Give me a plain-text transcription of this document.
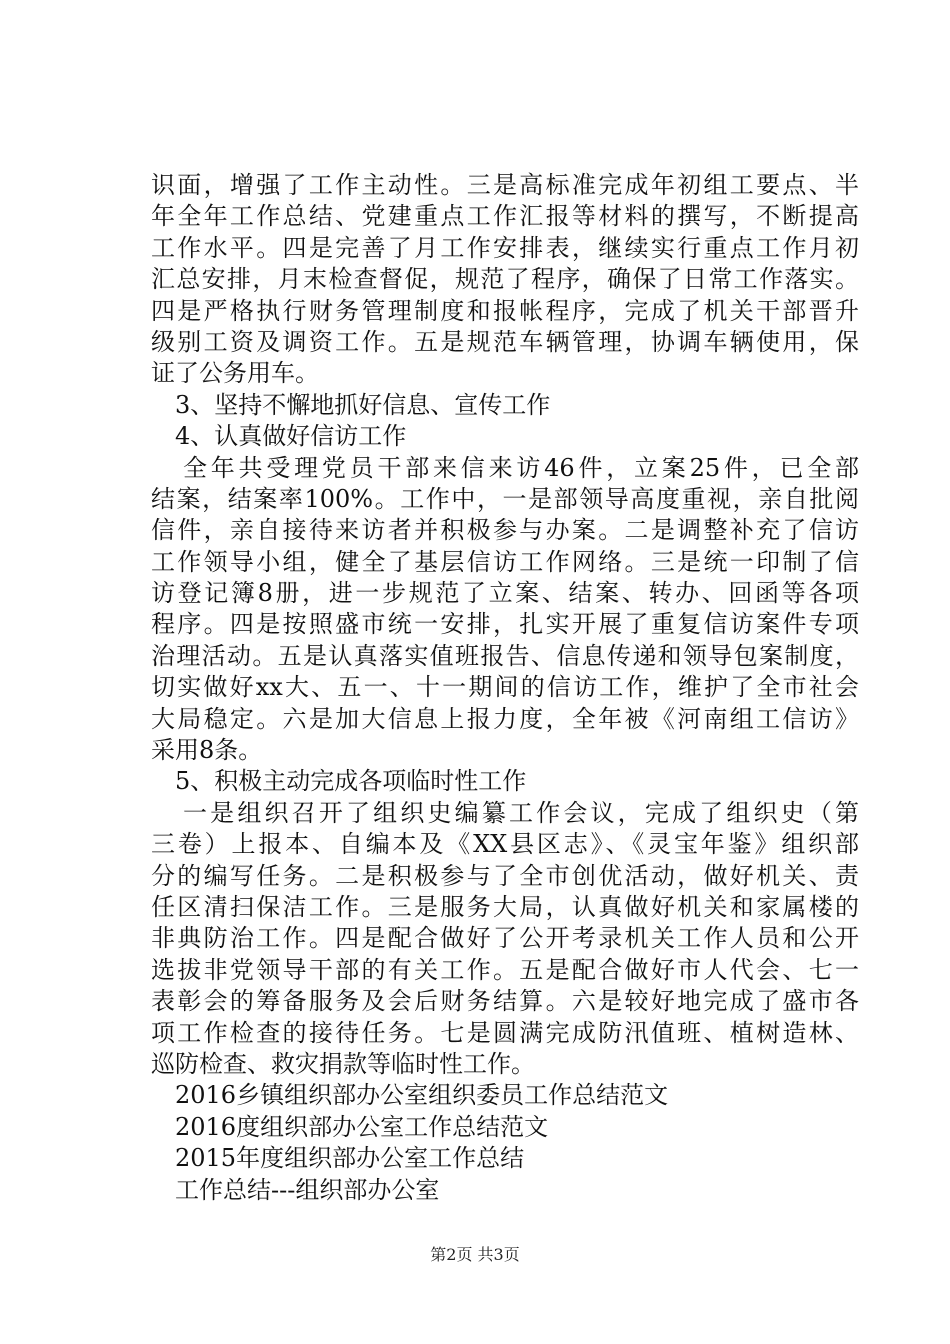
识面，增强了工作主动性。三是高标准完成年初组工要点、半
年全年工作总结、党建重点工作汇报等材料的撰写，不断提高
工作水平。四是完善了月工作安排表，继续实行重点工作月初
汇总安排，月末检查督促，规范了程序，确保了日常工作落实。
四是严格执行财务管理制度和报帐程序，完成了机关干部晋升
级别工资及调资工作。五是规范车辆管理，协调车辆使用，保
证了公务用车。
3、坚持不懈地抓好信息、宣传工作
4、认真做好信访工作
全年共受理党员干部来信来访46件，立案25件，已全部
结案，结案率100%。工作中，一是部领导高度重视，亲自批阅
信件，亲自接待来访者并积极参与办案。二是调整补充了信访
工作领导小组，健全了基层信访工作网络。三是统一印制了信
访登记簿8册，进一步规范了立案、结案、转办、回函等各项
程序。四是按照盛市统一安排，扎实开展了重复信访案件专项
治理活动。五是认真落实值班报告、信息传递和领导包案制度，
切实做好xx大、五一、十一期间的信访工作，维护了全市社会
大局稳定。六是加大信息上报力度，全年被《河南组工信访》
采用8条。
5、积极主动完成各项临时性工作
一是组织召开了组织史编纂工作会议，完成了组织史（第
三卷）上报本、自编本及《XX县区志》、《灵宝年鉴》组织部
分的编写任务。二是积极参与了全市创优活动，做好机关、责
任区清扫保洁工作。三是服务大局，认真做好机关和家属楼的
非典防治工作。四是配合做好了公开考录机关工作人员和公开
选拔非党领导干部的有关工作。五是配合做好市人代会、七一
表彰会的筹备服务及会后财务结算。六是较好地完成了盛市各
项工作检查的接待任务。七是圆满完成防汛值班、植树造林、
巡防检查、救灾捐款等临时性工作。
2016乡镇组织部办公室组织委员工作总结范文
2016度组织部办公室工作总结范文
2015年度组织部办公室工作总结
工作总结---组织部办公室
第2页 共3页
